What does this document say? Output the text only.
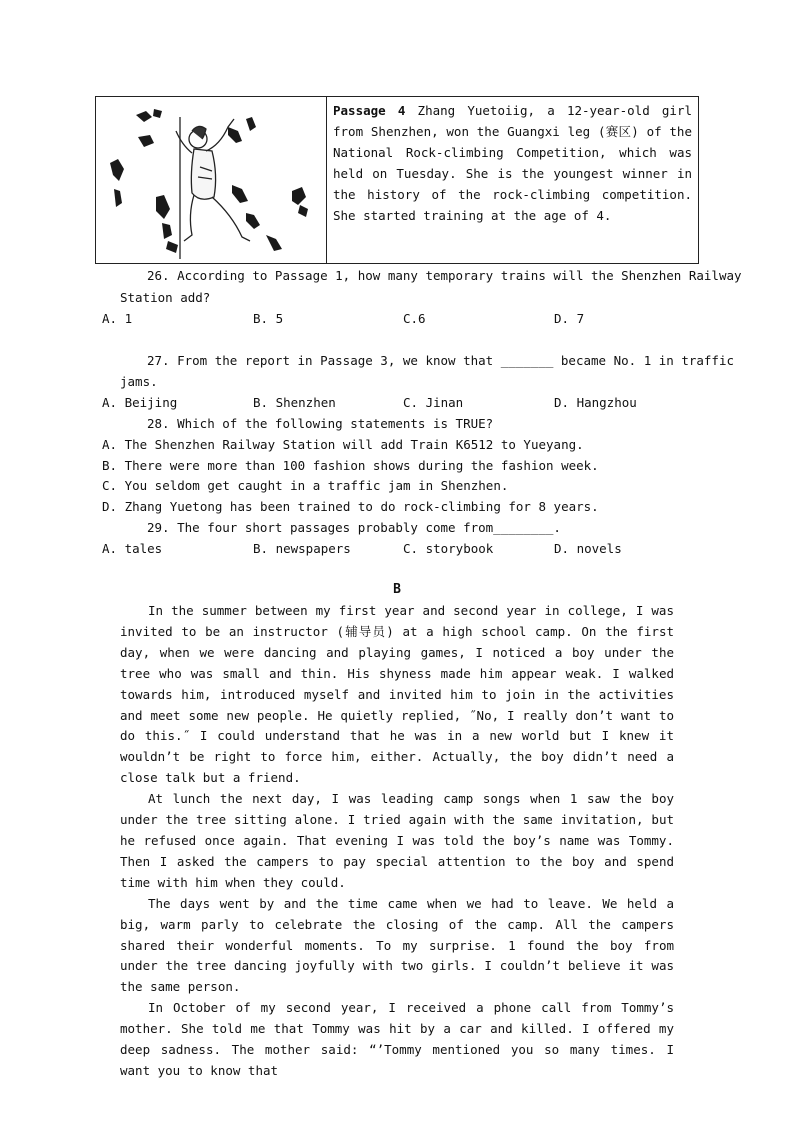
Passage 4 Zhang Yuetoiig, a 12-year-old girl from Shenzhen, won the Guangxi leg (赛区) of the National Rock-climbing Competition, which was held on Tuesday. She is the youngest winner in the history of the rock-climbing competition. She started training at the age of 4.
26. According to Passage 1, how many temporary trains will the Shenzhen Railway
Station add?
A. 1	B. 5	C.6	D. 7
27. From the report in Passage 3, we know that _______ became No. 1 in traffic
jams.
A. Beijing	B. Shenzhen	C. Jinan	D. Hangzhou
28. Which of the following statements is TRUE?
A. The Shenzhen Railway Station will add Train K6512 to Yueyang.
B. There were more than 100 fashion shows during the fashion week.
C. You seldom get caught in a traffic jam in Shenzhen.
D. Zhang Yuetong has been trained to do rock-climbing for 8 years.
29. The four short passages probably come from________.
A. tales	B. newspapers	C. storybook	D. novels
B

In the summer between my first year and second year in college, I was invited to be an instructor (辅导员) at a high school camp. On the first day, when we were dancing and playing games, I noticed a boy under the tree who was small and thin. His shyness made him appear weak. I walked towards him, introduced myself and invited him to join in the activities and meet some new people. He quietly replied, ˝No, I really don’t want to do this.˝ I could understand that he was in a new world but I knew it wouldn’t be right to force him, either. Actually, the boy didn’t need a close talk but a friend.

At lunch the next day, I was leading camp songs when 1 saw the boy under the tree sitting alone. I tried again with the same invitation, but he refused once again. That evening I was told the boy’s name was Tommy. Then I asked the campers to pay special attention to the boy and spend time with him when they could.

The days went by and the time came when we had to leave. We held a big, warm parly to celebrate the closing of the camp. All the campers shared their wonderful moments. To my surprise. 1 found the boy from under the tree dancing joyfully with two girls. I couldn’t believe it was the same person.

In October of my second year, I received a phone call from Tommy’s mother. She told me that Tommy was hit by a car and killed. I offered my deep sadness. The mother said: “’Tommy mentioned you so many times. I want you to know that
